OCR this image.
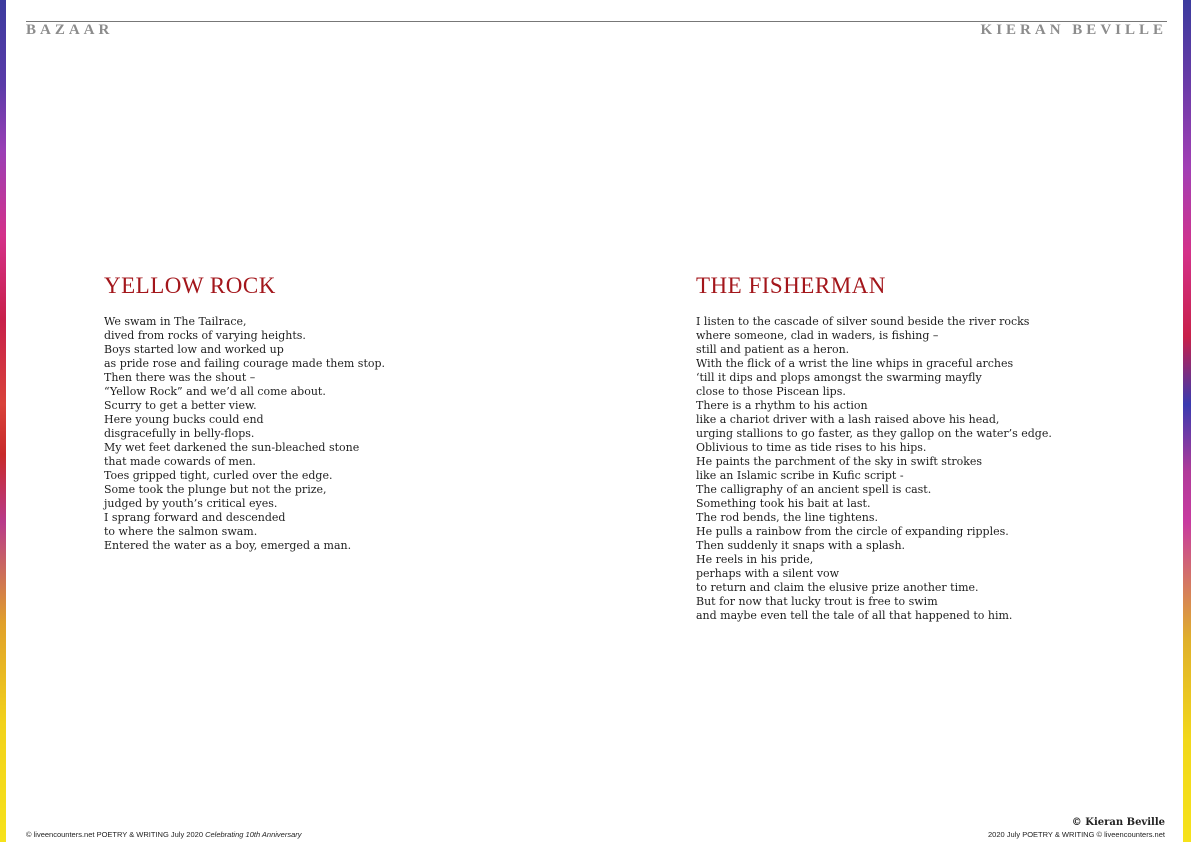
BAZAAR	KIERAN BEVILLE
YELLOW ROCK
We swam in The Tailrace,
dived from rocks of varying heights.
Boys started low and worked up
as pride rose and failing courage made them stop.
Then there was the shout –
“Yellow Rock” and we’d all come about.
Scurry to get a better view.
Here young bucks could end
disgracefully in belly-flops.
My wet feet darkened the sun-bleached stone
that made cowards of men.
Toes gripped tight, curled over the edge.
Some took the plunge but not the prize,
judged by youth’s critical eyes.
I sprang forward and descended
to where the salmon swam.
Entered the water as a boy, emerged a man.
THE FISHERMAN
I listen to the cascade of silver sound beside the river rocks
where someone, clad in waders, is fishing –
still and patient as a heron.
With the flick of a wrist the line whips in graceful arches
‘till it dips and plops amongst the swarming mayfly
close to those Piscean lips.
There is a rhythm to his action
like a chariot driver with a lash raised above his head,
urging stallions to go faster, as they gallop on the water’s edge.
Oblivious to time as tide rises to his hips.
He paints the parchment of the sky in swift strokes
like an Islamic scribe in Kufic script -
The calligraphy of an ancient spell is cast.
Something took his bait at last.
The rod bends, the line tightens.
He pulls a rainbow from the circle of expanding ripples.
Then suddenly it snaps with a splash.
He reels in his pride,
perhaps with a silent vow
to return and claim the elusive prize another time.
But for now that lucky trout is free to swim
and maybe even tell the tale of all that happened to him.
© liveencounters.net POETRY & WRITING July 2020 Celebrating 10th Anniversary
© Kieran Beville
2020 July POETRY & WRITING © liveencounters.net
